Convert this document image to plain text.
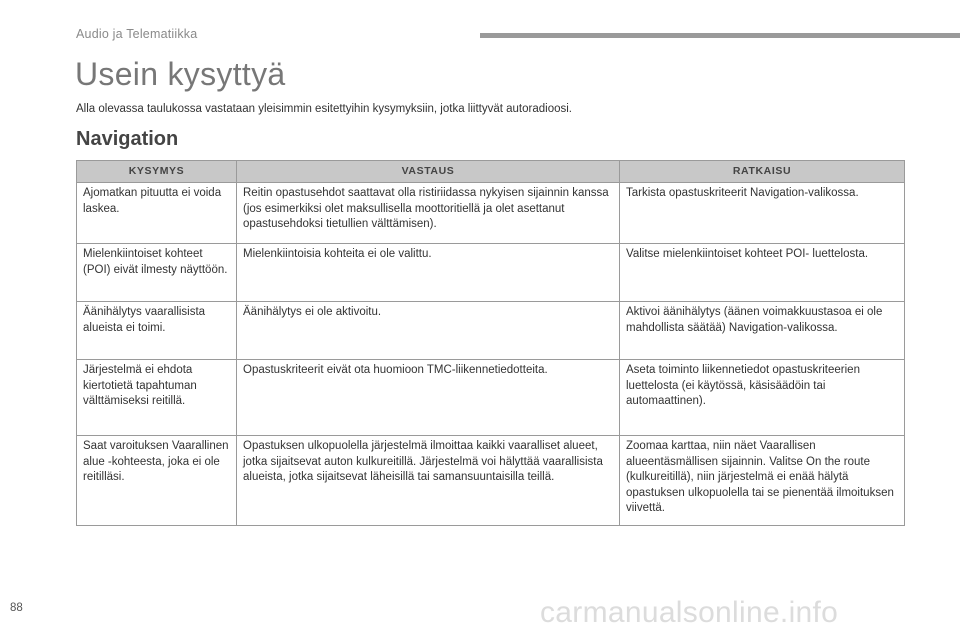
Audio ja Telematiikka
Usein kysyttyä

Alla olevassa taulukossa vastataan yleisimmin esitettyihin kysymyksiin, jotka liittyvät autoradioosi.

Navigation
KYSYMYS	VASTAUS	RATKAISU
Ajomatkan pituutta ei voida laskea.	Reitin opastusehdot saattavat olla ristiriidassa nykyisen sijainnin kanssa (jos esimerkiksi olet maksullisella moottoritiellä ja olet asettanut opastusehdoksi tietullien välttämisen).	Tarkista opastuskriteerit Navigation-valikossa.
Mielenkiintoiset kohteet (POI) eivät ilmesty näyttöön.	Mielenkiintoisia kohteita ei ole valittu.	Valitse mielenkiintoiset kohteet POI- luettelosta.
Äänihälytys vaarallisista alueista ei toimi.	Äänihälytys ei ole aktivoitu.	Aktivoi äänihälytys (äänen voimakkuustasoa ei ole mahdollista säätää) Navigation-valikossa.
Järjestelmä ei ehdota kiertotietä tapahtuman välttämiseksi reitillä.	Opastuskriteerit eivät ota huomioon TMC-liikennetiedotteita.	Aseta toiminto liikennetiedot opastuskriteerien luettelosta (ei käytössä, käsisäädöin tai automaattinen).
Saat varoituksen Vaarallinen alue -kohteesta, joka ei ole reitilläsi.	Opastuksen ulkopuolella järjestelmä ilmoittaa kaikki vaaralliset alueet, jotka sijaitsevat auton kulkureitillä. Järjestelmä voi hälyttää vaarallisista alueista, jotka sijaitsevat läheisillä tai samansuuntaisilla teillä.	Zoomaa karttaa, niin näet Vaarallisen alueentäsmällisen sijainnin. Valitse On the route (kulkureitillä), niin järjestelmä ei enää hälytä opastuksen ulkopuolella tai se pienentää ilmoituksen viivettä.
88	carmanualsonline.info
